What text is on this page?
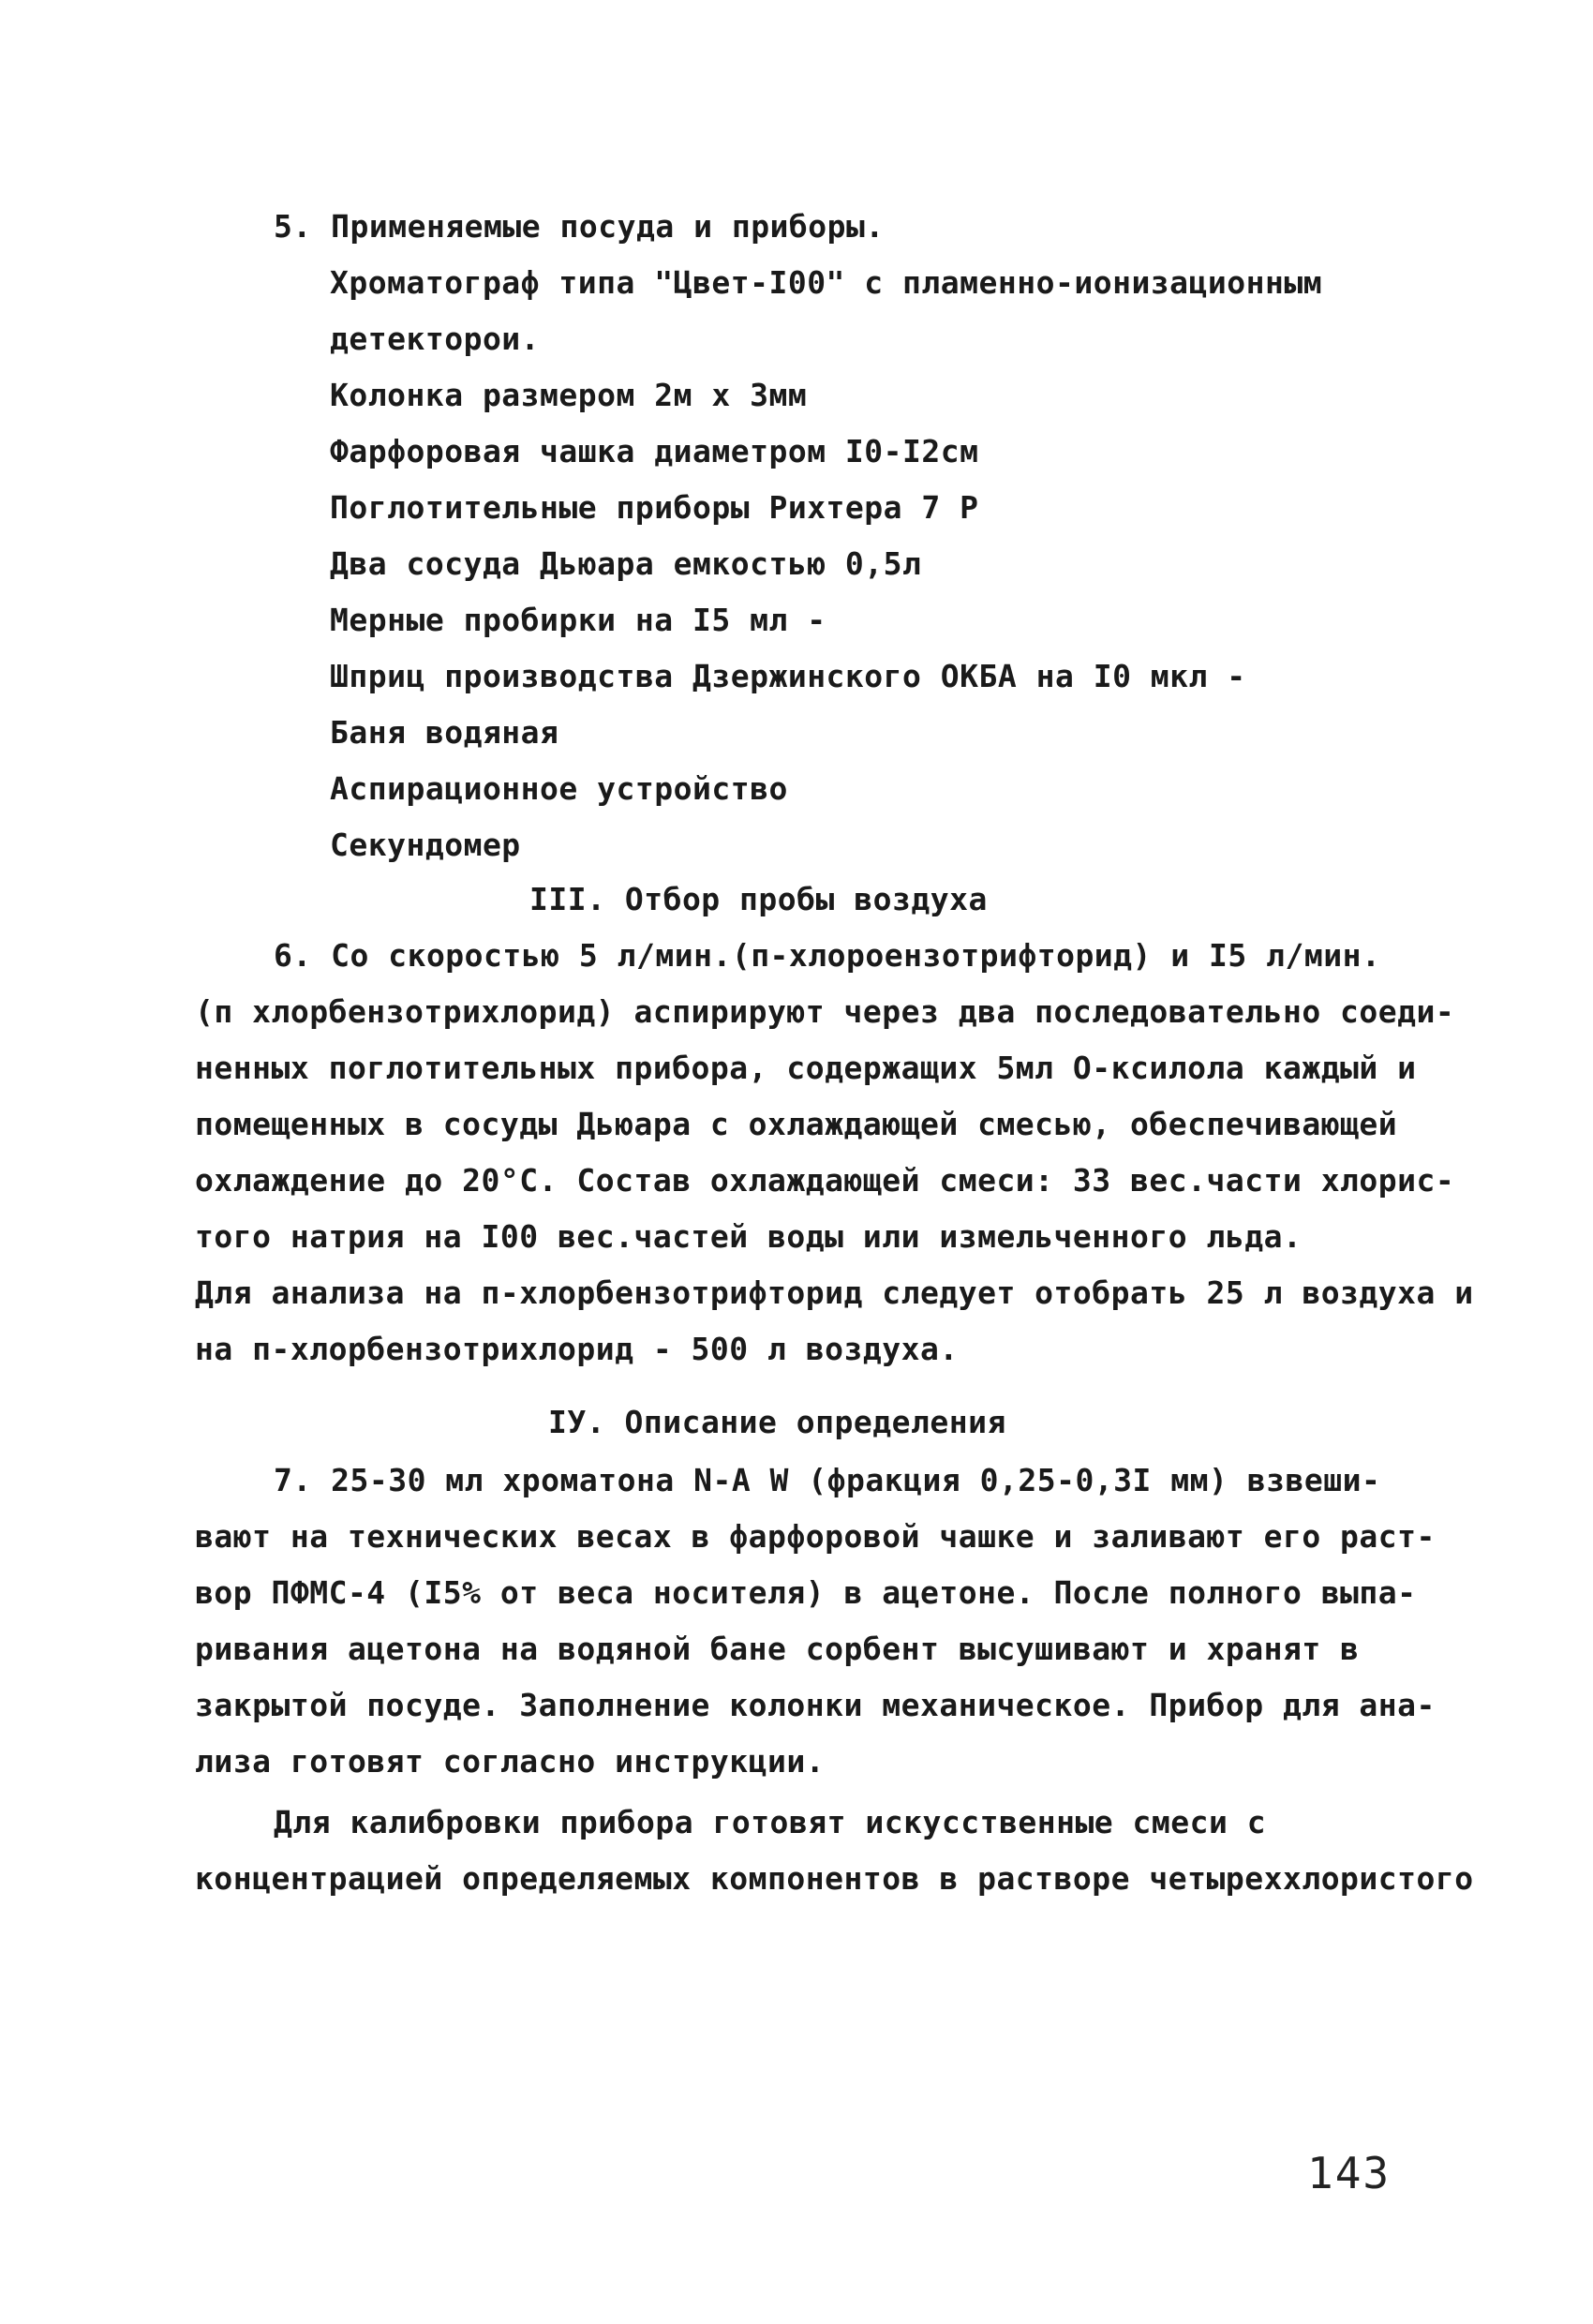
5. Применяемые посуда и приборы.
Хроматограф типа "Цвет-I00" с пламенно-ионизационным
детекторои.
Колонка размером 2м x 3мм
Фарфоровая чашка диаметром I0-I2см
Поглотительные приборы Рихтера 7 Р
Два сосуда Дьюара емкостью 0,5л
Мерные пробирки на I5 мл -
Шприц производства Дзержинского ОКБА на I0 мкл -
Баня водяная
Аспирационное устройство
Секундомер
III. Отбор пробы воздуха
6. Со скоростью 5 л/мин.(п-хлороензотрифторид) и I5 л/мин.
(п хлорбензотрихлорид) аспирируют через два последовательно соеди-
ненных поглотительных прибора, содержащих 5мл О-ксилола каждый и
помещенных в сосуды Дьюара с охлаждающей смесью, обеспечивающей
охлаждение до 20°С. Состав охлаждающей смеси: 33 вес.части хлорис-
того натрия на I00 вес.частей воды или измельченного льда.
Для анализа на п-хлорбензотрифторид следует отобрать 25 л воздуха и
на п-хлорбензотрихлорид - 500 л воздуха.
IУ. Описание определения
7. 25-30 мл хроматона N-A W (фракция 0,25-0,3I мм) взвеши-
вают на технических весах в фарфоровой чашке и заливают его раст-
вор ПФМС-4 (I5% от веса носителя) в ацетоне. После полного выпа-
ривания ацетона на водяной бане сорбент высушивают и хранят в
закрытой посуде. Заполнение колонки механическое. Прибор для ана-
лиза готовят согласно инструкции.
Для калибровки прибора готовят искусственные смеси с
концентрацией определяемых компонентов в растворе четыреххлористого
143
